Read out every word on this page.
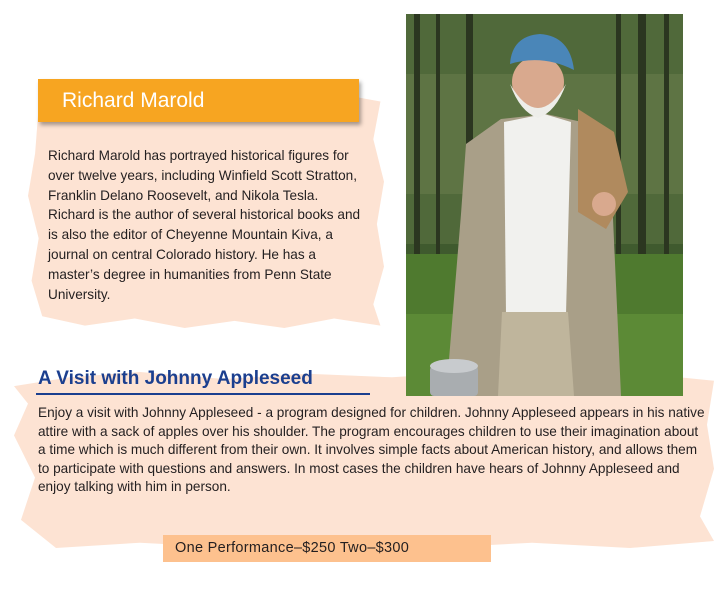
Richard Marold

Richard Marold has portrayed historical figures for over twelve years, including Winfield Scott Stratton, Franklin Delano Roosevelt, and Nikola Tesla. Richard is the author of several historical books and is also the editor of Cheyenne Mountain Kiva, a journal on central Colorado history. He has a master’s degree in humanities from Penn State University.

A Visit with Johnny Appleseed

Enjoy a visit with Johnny Appleseed - a program designed for children. Johnny Appleseed appears in his native attire with a sack of apples over his shoulder. The program encourages children to use their imagination about a time which is much different from their own. It involves simple facts about American history, and allows them to participate with questions and answers. In most cases the children have hears of Johnny Appleseed and enjoy talking with him in person.

One Performance–$250 Two–$300
